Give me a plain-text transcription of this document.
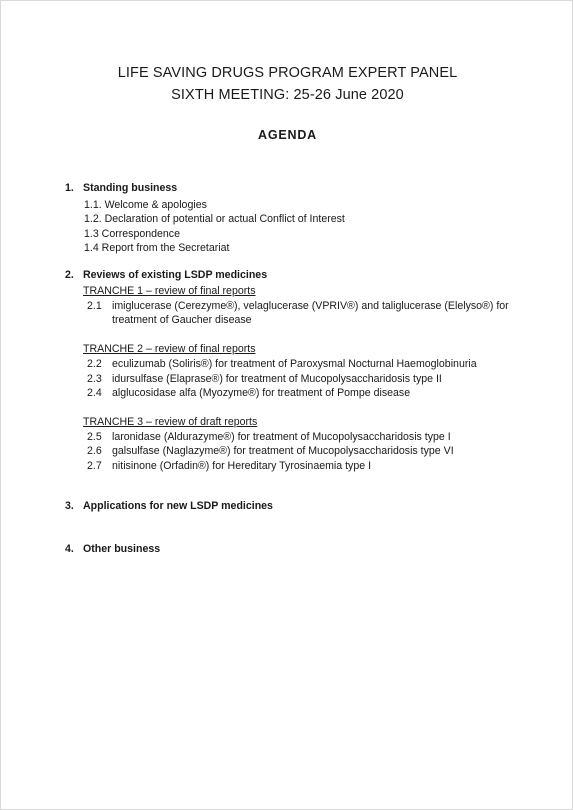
LIFE SAVING DRUGS PROGRAM EXPERT PANEL
SIXTH MEETING: 25-26 June 2020
AGENDA
1. Standing business
1.1. Welcome & apologies
1.2. Declaration of potential or actual Conflict of Interest
1.3 Correspondence
1.4 Report from the Secretariat
2. Reviews of existing LSDP medicines
TRANCHE 1 – review of final reports
2.1 imiglucerase (Cerezyme®), velaglucerase (VPRIV®) and taliglucerase (Elelyso®) for
treatment of Gaucher disease
TRANCHE 2 – review of final reports
2.2 eculizumab (Soliris®) for treatment of Paroxysmal Nocturnal Haemoglobinuria
2.3 idursulfase (Elaprase®) for treatment of Mucopolysaccharidosis type II
2.4 alglucosidase alfa (Myozyme®) for treatment of Pompe disease
TRANCHE 3 – review of draft reports
2.5 laronidase (Aldurazyme®) for treatment of Mucopolysaccharidosis type I
2.6 galsulfase (Naglazyme®) for treatment of Mucopolysaccharidosis type VI
2.7 nitisinone (Orfadin®) for Hereditary Tyrosinaemia type I
3. Applications for new LSDP medicines
4. Other business
